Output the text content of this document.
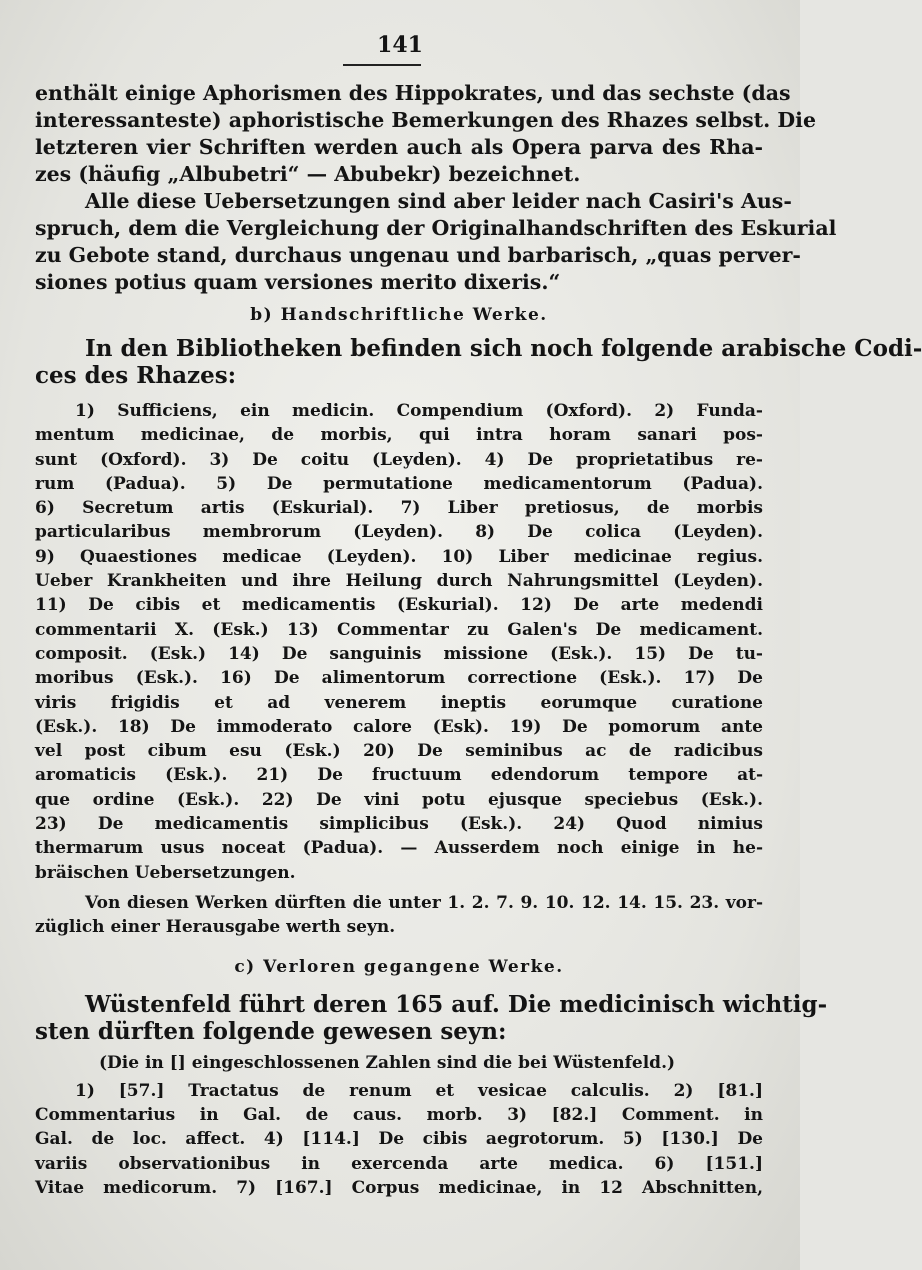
141
enthält einige Aphorismen des Hippokrates, und das sechste (das
interessanteste) aphoristische Bemerkungen des Rhazes selbst. Die
letzteren vier Schriften werden auch als Opera parva des Rha-
zes (häufig „Albubetri“ — Abubekr) bezeichnet.
Alle diese Uebersetzungen sind aber leider nach Casiri's Aus-
spruch, dem die Vergleichung der Originalhandschriften des Eskurial
zu Gebote stand, durchaus ungenau und barbarisch, „quas perver-
siones potius quam versiones merito dixeris.“
b) Handschriftliche Werke.
In den Bibliotheken befinden sich noch folgende arabische Codi-
ces des Rhazes:
1) Sufficiens, ein medicin. Compendium (Oxford). 2) Funda-
mentum medicinae, de morbis, qui intra horam sanari pos-
sunt (Oxford). 3) De coitu (Leyden). 4) De proprietatibus re-
rum (Padua). 5) De permutatione medicamentorum (Padua).
6) Secretum artis (Eskurial). 7) Liber pretiosus, de morbis
particularibus membrorum (Leyden). 8) De colica (Leyden).
9) Quaestiones medicae (Leyden). 10) Liber medicinae regius.
Ueber Krankheiten und ihre Heilung durch Nahrungsmittel (Leyden).
11) De cibis et medicamentis (Eskurial). 12) De arte medendi
commentarii X. (Esk.) 13) Commentar zu Galen's De medicament.
composit. (Esk.) 14) De sanguinis missione (Esk.). 15) De tu-
moribus (Esk.). 16) De alimentorum correctione (Esk.). 17) De
viris frigidis et ad venerem ineptis eorumque curatione
(Esk.). 18) De immoderato calore (Esk). 19) De pomorum ante
vel post cibum esu (Esk.) 20) De seminibus ac de radicibus
aromaticis (Esk.). 21) De fructuum edendorum tempore at-
que ordine (Esk.). 22) De vini potu ejusque speciebus (Esk.).
23) De medicamentis simplicibus (Esk.). 24) Quod nimius
thermarum usus noceat (Padua). — Ausserdem noch einige in he-
bräischen Uebersetzungen.
Von diesen Werken dürften die unter 1. 2. 7. 9. 10. 12. 14. 15. 23. vor-
züglich einer Herausgabe werth seyn.
c) Verloren gegangene Werke.
Wüstenfeld führt deren 165 auf. Die medicinisch wichtig-
sten dürften folgende gewesen seyn:
(Die in [] eingeschlossenen Zahlen sind die bei Wüstenfeld.)
1) [57.] Tractatus de renum et vesicae calculis. 2) [81.]
Commentarius in Gal. de caus. morb. 3) [82.] Comment. in
Gal. de loc. affect. 4) [114.] De cibis aegrotorum. 5) [130.] De
variis observationibus in exercenda arte medica. 6) [151.]
Vitae medicorum. 7) [167.] Corpus medicinae, in 12 Abschnitten,
